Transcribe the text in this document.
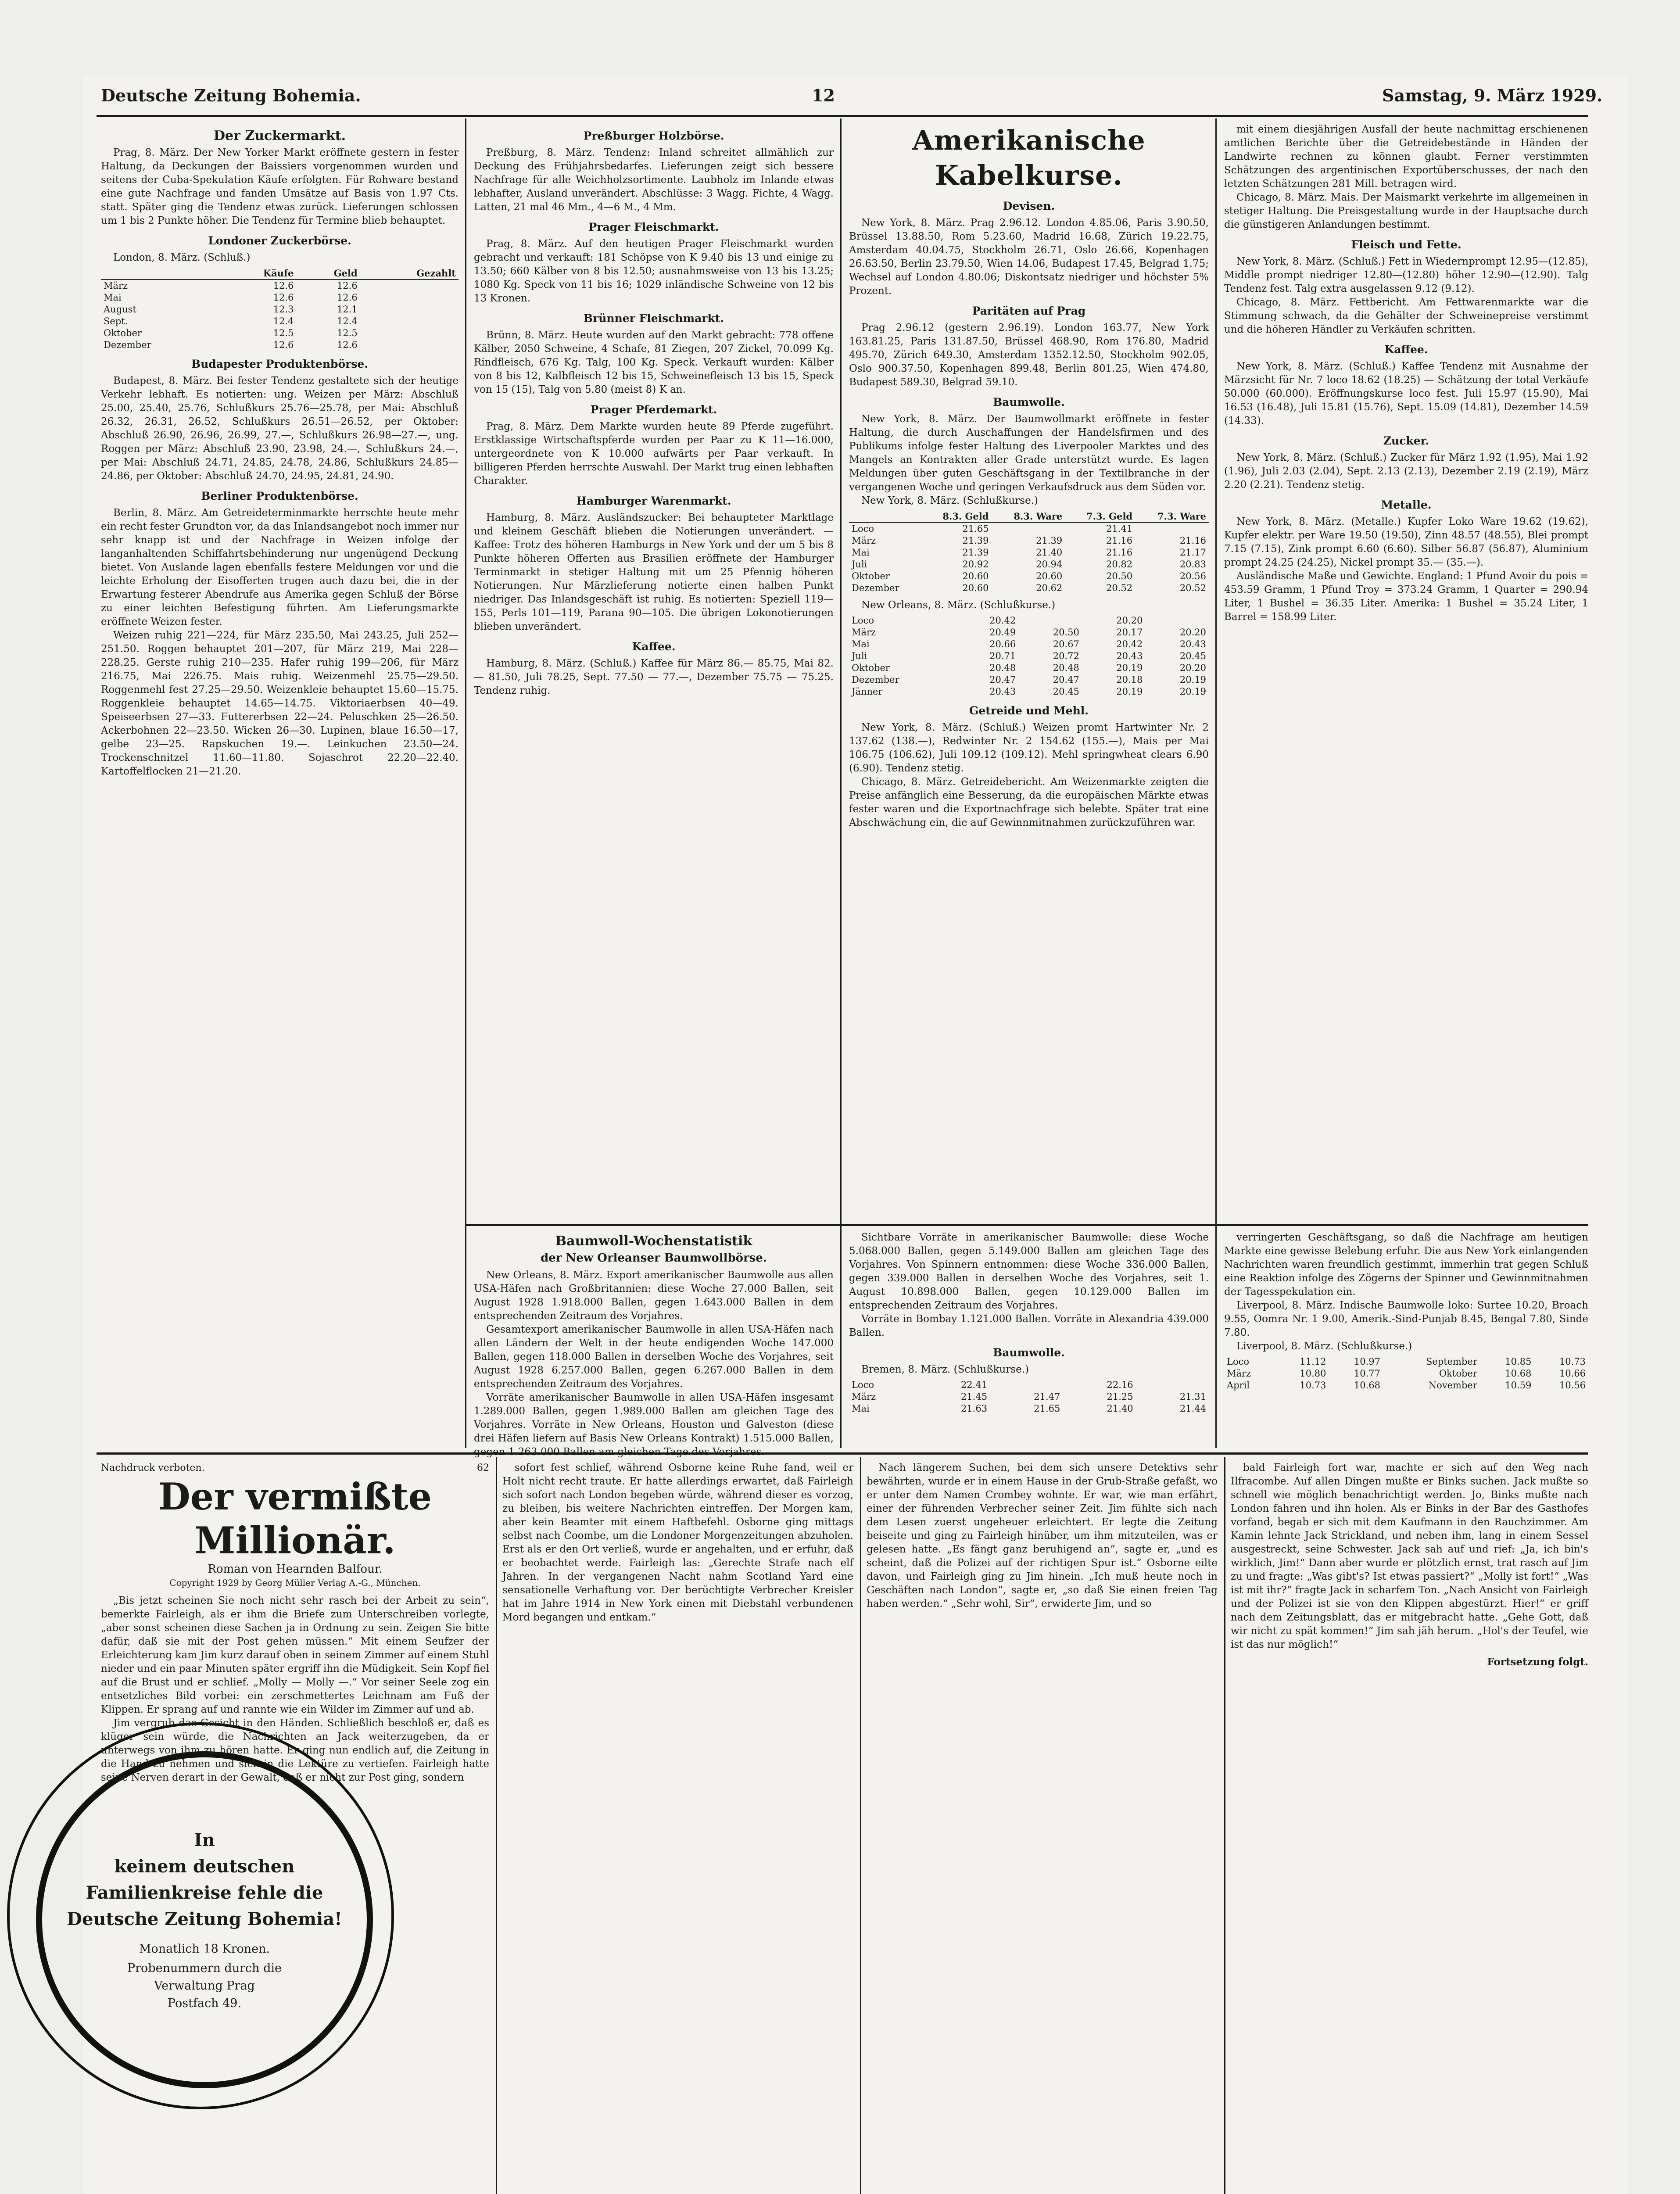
Deutsche Zeitung Bohemia.	12	Samstag, 9. März 1929.
Der Zuckermarkt.

Prag, 8. März. Der New Yorker Markt eröffnete gestern in fester Haltung, da Deckungen der Baissiers vorgenommen wurden und seitens der Cuba-Spekulation Käufe erfolgten. Für Rohware bestand eine gute Nachfrage und fanden Umsätze auf Basis von 1.97 Cts. statt. Später ging die Tendenz etwas zurück. Lieferungen schlossen um 1 bis 2 Punkte höher. Die Tendenz für Termine blieb behauptet.

Londoner Zuckerbörse.

London, 8. März. (Schluß.)

	Käufe	Geld	Gezahlt
März	12.6	12.6	
Mai	12.6	12.6	
August	12.3	12.1	
Sept.	12.4	12.4	
Oktober	12.5	12.5	
Dezember	12.6	12.6	
Budapester Produktenbörse.

Budapest, 8. März. Bei fester Tendenz gestaltete sich der heutige Verkehr lebhaft. Es notierten: ung. Weizen per März: Abschluß 25.00, 25.40, 25.76, Schlußkurs 25.76—25.78, per Mai: Abschluß 26.32, 26.31, 26.52, Schlußkurs 26.51—26.52, per Oktober: Abschluß 26.90, 26.96, 26.99, 27.—, Schlußkurs 26.98—27.—, ung. Roggen per März: Abschluß 23.90, 23.98, 24.—, Schlußkurs 24.—, per Mai: Abschluß 24.71, 24.85, 24.78, 24.86, Schlußkurs 24.85—24.86, per Oktober: Abschluß 24.70, 24.95, 24.81, 24.90.

Berliner Produktenbörse.

Berlin, 8. März. Am Getreideterminmarkte herrschte heute mehr ein recht fester Grundton vor, da das Inlandsangebot noch immer nur sehr knapp ist und der Nachfrage in Weizen infolge der langanhaltenden Schiffahrtsbehinderung nur ungenügend Deckung bietet. Von Auslande lagen ebenfalls festere Meldungen vor und die leichte Erholung der Eisofferten trugen auch dazu bei, die in der Erwartung festerer Abendrufe aus Amerika gegen Schluß der Börse zu einer leichten Befestigung führten. Am Lieferungsmarkte eröffnete Weizen fester.

Weizen ruhig 221—224, für März 235.50, Mai 243.25, Juli 252—251.50. Roggen behauptet 201—207, für März 219, Mai 228—228.25. Gerste ruhig 210—235. Hafer ruhig 199—206, für März 216.75, Mai 226.75. Mais ruhig. Weizenmehl 25.75—29.50. Roggenmehl fest 27.25—29.50. Weizenkleie behauptet 15.60—15.75. Roggenkleie behauptet 14.65—14.75. Viktoriaerbsen 40—49. Speiseerbsen 27—33. Futtererbsen 22—24. Peluschken 25—26.50. Ackerbohnen 22—23.50. Wicken 26—30. Lupinen, blaue 16.50—17, gelbe 23—25. Rapskuchen 19.—. Leinkuchen 23.50—24. Trockenschnitzel 11.60—11.80. Sojaschrot 22.20—22.40. Kartoffelflocken 21—21.20.

Preßburger Holzbörse.

Preßburg, 8. März. Tendenz: Inland schreitet allmählich zur Deckung des Frühjahrsbedarfes. Lieferungen zeigt sich bessere Nachfrage für alle Weichholzsortimente. Laubholz im Inlande etwas lebhafter, Ausland unverändert. Abschlüsse: 3 Wagg. Fichte, 4 Wagg. Latten, 21 mal 46 Mm., 4—6 M., 4 Mm.

Prager Fleischmarkt.

Prag, 8. März. Auf den heutigen Prager Fleischmarkt wurden gebracht und verkauft: 181 Schöpse von K 9.40 bis 13 und einige zu 13.50; 660 Kälber von 8 bis 12.50; ausnahmsweise von 13 bis 13.25; 1080 Kg. Speck von 11 bis 16; 1029 inländische Schweine von 12 bis 13 Kronen.

Brünner Fleischmarkt.

Brünn, 8. März. Heute wurden auf den Markt gebracht: 778 offene Kälber, 2050 Schweine, 4 Schafe, 81 Ziegen, 207 Zickel, 70.099 Kg. Rindfleisch, 676 Kg. Talg, 100 Kg. Speck. Verkauft wurden: Kälber von 8 bis 12, Kalbfleisch 12 bis 15, Schweinefleisch 13 bis 15, Speck von 15 (15), Talg von 5.80 (meist 8) K an.

Prager Pferdemarkt.

Prag, 8. März. Dem Markte wurden heute 89 Pferde zugeführt. Erstklassige Wirtschaftspferde wurden per Paar zu K 11—16.000, untergeordnete von K 10.000 aufwärts per Paar verkauft. In billigeren Pferden herrschte Auswahl. Der Markt trug einen lebhaften Charakter.

Hamburger Warenmarkt.

Hamburg, 8. März. Ausländszucker: Bei behaupteter Marktlage und kleinem Geschäft blieben die Notierungen unverändert. — Kaffee: Trotz des höheren Hamburgs in New York und der um 5 bis 8 Punkte höheren Offerten aus Brasilien eröffnete der Hamburger Terminmarkt in stetiger Haltung mit um 25 Pfennig höheren Notierungen. Nur Märzlieferung notierte einen halben Punkt niedriger. Das Inlandsgeschäft ist ruhig. Es notierten: Speziell 119—155, Perls 101—119, Parana 90—105. Die übrigen Lokonotierungen blieben unverändert.

Kaffee.

Hamburg, 8. März. (Schluß.) Kaffee für März 86.— 85.75, Mai 82.— 81.50, Juli 78.25, Sept. 77.50 — 77.—, Dezember 75.75 — 75.25. Tendenz ruhig.

Amerikanische Kabelkurse.
Devisen.

New York, 8. März. Prag 2.96.12. London 4.85.06, Paris 3.90.50, Brüssel 13.88.50, Rom 5.23.60, Madrid 16.68, Zürich 19.22.75, Amsterdam 40.04.75, Stockholm 26.71, Oslo 26.66, Kopenhagen 26.63.50, Berlin 23.79.50, Wien 14.06, Budapest 17.45, Belgrad 1.75; Wechsel auf London 4.80.06; Diskontsatz niedriger und höchster 5% Prozent.

Paritäten auf Prag

Prag 2.96.12 (gestern 2.96.19). London 163.77, New York 163.81.25, Paris 131.87.50, Brüssel 468.90, Rom 176.80, Madrid 495.70, Zürich 649.30, Amsterdam 1352.12.50, Stockholm 902.05, Oslo 900.37.50, Kopenhagen 899.48, Berlin 801.25, Wien 474.80, Budapest 589.30, Belgrad 59.10.

Baumwolle.

New York, 8. März. Der Baumwollmarkt eröffnete in fester Haltung, die durch Auschaffungen der Handelsfirmen und des Publikums infolge fester Haltung des Liverpooler Marktes und des Mangels an Kontrakten aller Grade unterstützt wurde. Es lagen Meldungen über guten Geschäftsgang in der Textilbranche in der vergangenen Woche und geringen Verkaufsdruck aus dem Süden vor.

New York, 8. März. (Schlußkurse.)

	8.3. Geld	8.3. Ware	7.3. Geld	7.3. Ware
Loco	21.65		21.41	
März	21.39	21.39	21.16	21.16
Mai	21.39	21.40	21.16	21.17
Juli	20.92	20.94	20.82	20.83
Oktober	20.60	20.60	20.50	20.56
Dezember	20.60	20.62	20.52	20.52

New Orleans, 8. März. (Schlußkurse.)

Loco	20.42		20.20	
März	20.49	20.50	20.17	20.20
Mai	20.66	20.67	20.42	20.43
Juli	20.71	20.72	20.43	20.45
Oktober	20.48	20.48	20.19	20.20
Dezember	20.47	20.47	20.18	20.19
Jänner	20.43	20.45	20.19	20.19
Getreide und Mehl.

New York, 8. März. (Schluß.) Weizen promt Hartwinter Nr. 2 137.62 (138.—), Redwinter Nr. 2 154.62 (155.—), Mais per Mai 106.75 (106.62), Juli 109.12 (109.12). Mehl springwheat clears 6.90 (6.90). Tendenz stetig.

Chicago, 8. März. Getreidebericht. Am Weizenmarkte zeigten die Preise anfänglich eine Besserung, da die europäischen Märkte etwas fester waren und die Exportnachfrage sich belebte. Später trat eine Abschwächung ein, die auf Gewinnmitnahmen zurückzuführen war.

mit einem diesjährigen Ausfall der heute nachmittag erschienenen amtlichen Berichte über die Getreidebestände in Händen der Landwirte rechnen zu können glaubt. Ferner verstimmten Schätzungen des argentinischen Exportüberschusses, der nach den letzten Schätzungen 281 Mill. betragen wird.

Chicago, 8. März. Mais. Der Maismarkt verkehrte im allgemeinen in stetiger Haltung. Die Preisgestaltung wurde in der Hauptsache durch die günstigeren Anlandungen bestimmt.

Fleisch und Fette.

New York, 8. März. (Schluß.) Fett in Wiedernprompt 12.95—(12.85), Middle prompt niedriger 12.80—(12.80) höher 12.90—(12.90). Talg Tendenz fest. Talg extra ausgelassen 9.12 (9.12).

Chicago, 8. März. Fettbericht. Am Fettwarenmarkte war die Stimmung schwach, da die Gehälter der Schweinepreise verstimmt und die höheren Händler zu Verkäufen schritten.

Kaffee.

New York, 8. März. (Schluß.) Kaffee Tendenz mit Ausnahme der Märzsicht für Nr. 7 loco 18.62 (18.25) — Schätzung der total Verkäufe 50.000 (60.000). Eröffnungskurse loco fest. Juli 15.97 (15.90), Mai 16.53 (16.48), Juli 15.81 (15.76), Sept. 15.09 (14.81), Dezember 14.59 (14.33).

Zucker.

New York, 8. März. (Schluß.) Zucker für März 1.92 (1.95), Mai 1.92 (1.96), Juli 2.03 (2.04), Sept. 2.13 (2.13), Dezember 2.19 (2.19), März 2.20 (2.21). Tendenz stetig.

Metalle.

New York, 8. März. (Metalle.) Kupfer Loko Ware 19.62 (19.62), Kupfer elektr. per Ware 19.50 (19.50), Zinn 48.57 (48.55), Blei prompt 7.15 (7.15), Zink prompt 6.60 (6.60). Silber 56.87 (56.87), Aluminium prompt 24.25 (24.25), Nickel prompt 35.— (35.—).

Ausländische Maße und Gewichte. England: 1 Pfund Avoir du pois = 453.59 Gramm, 1 Pfund Troy = 373.24 Gramm, 1 Quarter = 290.94 Liter, 1 Bushel = 36.35 Liter. Amerika: 1 Bushel = 35.24 Liter, 1 Barrel = 158.99 Liter.

Baumwoll-Wochenstatistik
der New Orleanser Baumwollbörse.

New Orleans, 8. März. Export amerikanischer Baumwolle aus allen USA-Häfen nach Großbritannien: diese Woche 27.000 Ballen, seit August 1928 1.918.000 Ballen, gegen 1.643.000 Ballen in dem entsprechenden Zeitraum des Vorjahres.

Gesamtexport amerikanischer Baumwolle in allen USA-Häfen nach allen Ländern der Welt in der heute endigenden Woche 147.000 Ballen, gegen 118.000 Ballen in derselben Woche des Vorjahres, seit August 1928 6.257.000 Ballen, gegen 6.267.000 Ballen in dem entsprechenden Zeitraum des Vorjahres.

Vorräte amerikanischer Baumwolle in allen USA-Häfen insgesamt 1.289.000 Ballen, gegen 1.989.000 Ballen am gleichen Tage des Vorjahres. Vorräte in New Orleans, Houston und Galveston (diese drei Häfen liefern auf Basis New Orleans Kontrakt) 1.515.000 Ballen, gegen 1.263.000 Ballen am gleichen Tage des Vorjahres.

Sichtbare Vorräte in amerikanischer Baumwolle: diese Woche 5.068.000 Ballen, gegen 5.149.000 Ballen am gleichen Tage des Vorjahres. Von Spinnern entnommen: diese Woche 336.000 Ballen, gegen 339.000 Ballen in derselben Woche des Vorjahres, seit 1. August 10.898.000 Ballen, gegen 10.129.000 Ballen im entsprechenden Zeitraum des Vorjahres.

Vorräte in Bombay 1.121.000 Ballen. Vorräte in Alexandria 439.000 Ballen.

Baumwolle.

Bremen, 8. März. (Schlußkurse.)

Loco	22.41		22.16	
März	21.45	21.47	21.25	21.31
Mai	21.63	21.65	21.40	21.44

verringerten Geschäftsgang, so daß die Nachfrage am heutigen Markte eine gewisse Belebung erfuhr. Die aus New York einlangenden Nachrichten waren freundlich gestimmt, immerhin trat gegen Schluß eine Reaktion infolge des Zögerns der Spinner und Gewinnmitnahmen der Tagesspekulation ein.

Liverpool, 8. März. Indische Baumwolle loko: Surtee 10.20, Broach 9.55, Oomra Nr. 1 9.00, Amerik.-Sind-Punjab 8.45, Bengal 7.80, Sinde 7.80.

Liverpool, 8. März. (Schlußkurse.)

Loco	11.12	10.97	September	10.85	10.73
März	10.80	10.77	Oktober	10.68	10.66
April	10.73	10.68	November	10.59	10.56
In
keinem deutschen
Familienkreise fehle die
Deutsche Zeitung Bohemia!
Monatlich 18 Kronen.
Probenummern durch die
Verwaltung Prag
Postfach 49.
Nachdruck verboten.	62
Der vermißte Millionär.
Roman von Hearnden Balfour.
Copyright 1929 by Georg Müller Verlag A.-G., München.

„Bis jetzt scheinen Sie noch nicht sehr rasch bei der Arbeit zu sein“, bemerkte Fairleigh, als er ihm die Briefe zum Unterschreiben vorlegte, „aber sonst scheinen diese Sachen ja in Ordnung zu sein. Zeigen Sie bitte dafür, daß sie mit der Post gehen müssen.“ Mit einem Seufzer der Erleichterung kam Jim kurz darauf oben in seinem Zimmer auf einem Stuhl nieder und ein paar Minuten später ergriff ihn die Müdigkeit. Sein Kopf fiel auf die Brust und er schlief. „Molly — Molly —.“ Vor seiner Seele zog ein entsetzliches Bild vorbei: ein zerschmettertes Leichnam am Fuß der Klippen. Er sprang auf und rannte wie ein Wilder im Zimmer auf und ab.

Jim vergrub das Gesicht in den Händen. Schließlich beschloß er, daß es klüger sein würde, die Nachrichten an Jack weiterzugeben, da er unterwegs von ihm zu hören hatte. Er ging nun endlich auf, die Zeitung in die Hand zu nehmen und sich in die Lektüre zu vertiefen. Fairleigh hatte seine Nerven derart in der Gewalt, daß er nicht zur Post ging, sondern

sofort fest schlief, während Osborne keine Ruhe fand, weil er Holt nicht recht traute. Er hatte allerdings erwartet, daß Fairleigh sich sofort nach London begeben würde, während dieser es vorzog, zu bleiben, bis weitere Nachrichten eintreffen. Der Morgen kam, aber kein Beamter mit einem Haftbefehl. Osborne ging mittags selbst nach Coombe, um die Londoner Morgenzeitungen abzuholen. Erst als er den Ort verließ, wurde er angehalten, und er erfuhr, daß er beobachtet werde. Fairleigh las: „Gerechte Strafe nach elf Jahren. In der vergangenen Nacht nahm Scotland Yard eine sensationelle Verhaftung vor. Der berüchtigte Verbrecher Kreisler hat im Jahre 1914 in New York einen mit Diebstahl verbundenen Mord begangen und entkam.“

Nach längerem Suchen, bei dem sich unsere Detektivs sehr bewährten, wurde er in einem Hause in der Grub-Straße gefaßt, wo er unter dem Namen Crombey wohnte. Er war, wie man erfährt, einer der führenden Verbrecher seiner Zeit. Jim fühlte sich nach dem Lesen zuerst ungeheuer erleichtert. Er legte die Zeitung beiseite und ging zu Fairleigh hinüber, um ihm mitzuteilen, was er gelesen hatte. „Es fängt ganz beruhigend an“, sagte er, „und es scheint, daß die Polizei auf der richtigen Spur ist.“ Osborne eilte davon, und Fairleigh ging zu Jim hinein. „Ich muß heute noch in Geschäften nach London“, sagte er, „so daß Sie einen freien Tag haben werden.“ „Sehr wohl, Sir“, erwiderte Jim, und so

bald Fairleigh fort war, machte er sich auf den Weg nach Ilfracombe. Auf allen Dingen mußte er Binks suchen. Jack mußte so schnell wie möglich benachrichtigt werden. Jo, Binks mußte nach London fahren und ihn holen. Als er Binks in der Bar des Gasthofes vorfand, begab er sich mit dem Kaufmann in den Rauchzimmer. Am Kamin lehnte Jack Strickland, und neben ihm, lang in einem Sessel ausgestreckt, seine Schwester. Jack sah auf und rief: „Ja, ich bin's wirklich, Jim!“ Dann aber wurde er plötzlich ernst, trat rasch auf Jim zu und fragte: „Was gibt's? Ist etwas passiert?“ „Molly ist fort!“ „Was ist mit ihr?“ fragte Jack in scharfem Ton. „Nach Ansicht von Fairleigh und der Polizei ist sie von den Klippen abgestürzt. Hier!“ er griff nach dem Zeitungsblatt, das er mitgebracht hatte. „Gehe Gott, daß wir nicht zu spät kommen!“ Jim sah jäh herum. „Hol's der Teufel, wie ist das nur möglich!“

Fortsetzung folgt.
